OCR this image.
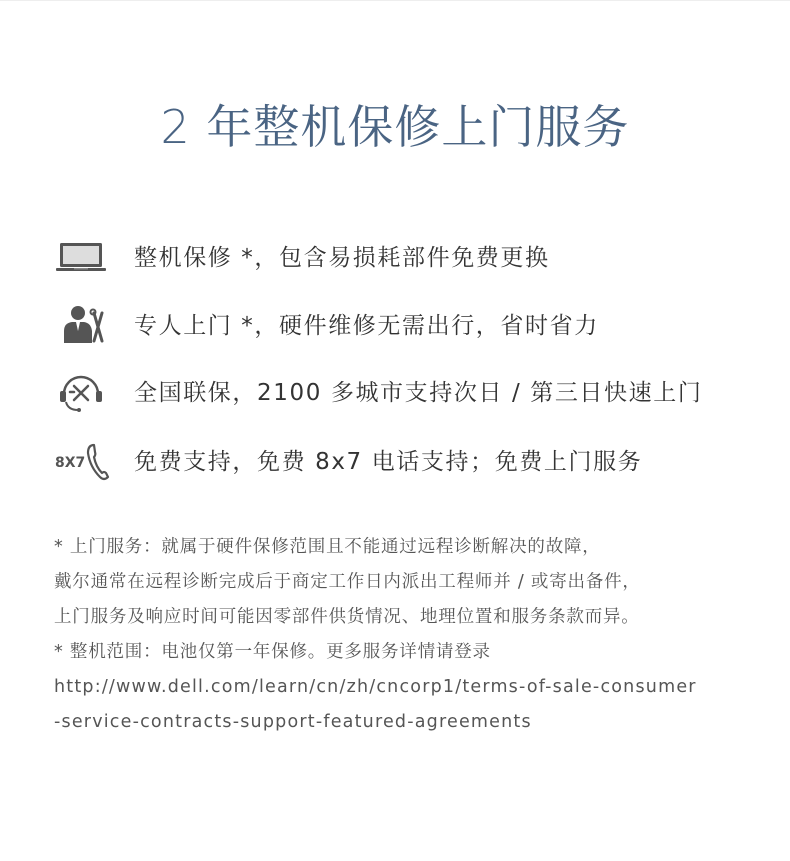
2 年整机保修上门服务
整机保修 *，包含易损耗部件免费更换
专人上门 *，硬件维修无需出行，省时省力
全国联保，2100 多城市支持次日 / 第三日快速上门
8X7 免费支持，免费 8x7 电话支持；免费上门服务
* 上门服务：就属于硬件保修范围且不能通过远程诊断解决的故障，
戴尔通常在远程诊断完成后于商定工作日内派出工程师并 / 或寄出备件，
上门服务及响应时间可能因零部件供货情况、地理位置和服务条款而异。
* 整机范围：电池仅第一年保修。更多服务详情请登录
http://www.dell.com/learn/cn/zh/cncorp1/terms-of-sale-consumer
-service-contracts-support-featured-agreements
